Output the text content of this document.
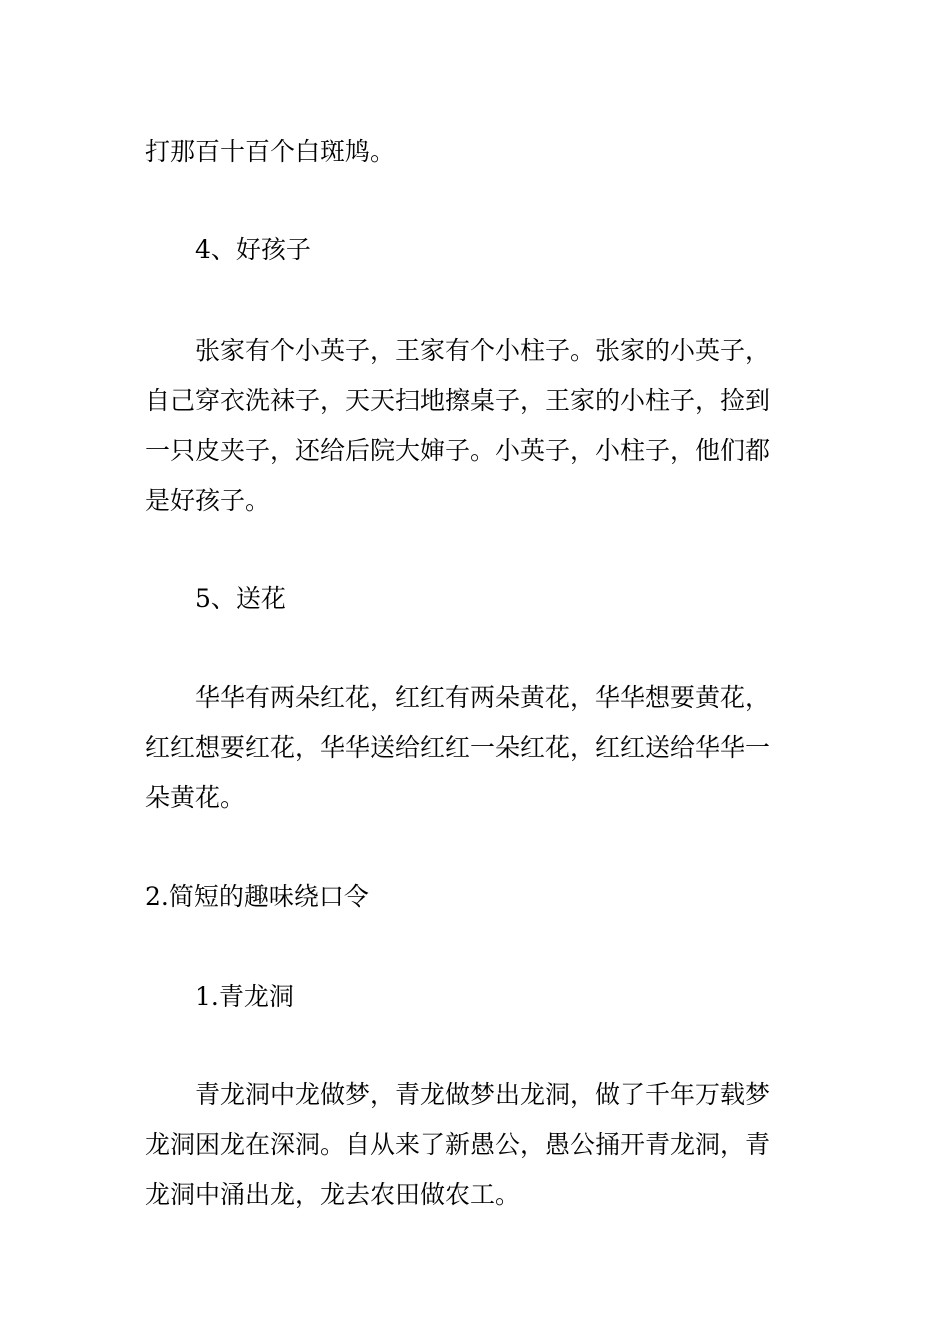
打那百十百个白斑鸠。
4、好孩子
张家有个小英子，王家有个小柱子。张家的小英子，
自己穿衣洗袜子，天天扫地擦桌子，王家的小柱子，捡到
一只皮夹子，还给后院大婶子。小英子，小柱子，他们都
是好孩子。
5、送花
华华有两朵红花，红红有两朵黄花，华华想要黄花，
红红想要红花，华华送给红红一朵红花，红红送给华华一
朵黄花。
2.简短的趣味绕口令
1.青龙洞
青龙洞中龙做梦，青龙做梦出龙洞，做了千年万载梦
龙洞困龙在深洞。自从来了新愚公，愚公捅开青龙洞，青
龙洞中涌出龙，龙去农田做农工。
